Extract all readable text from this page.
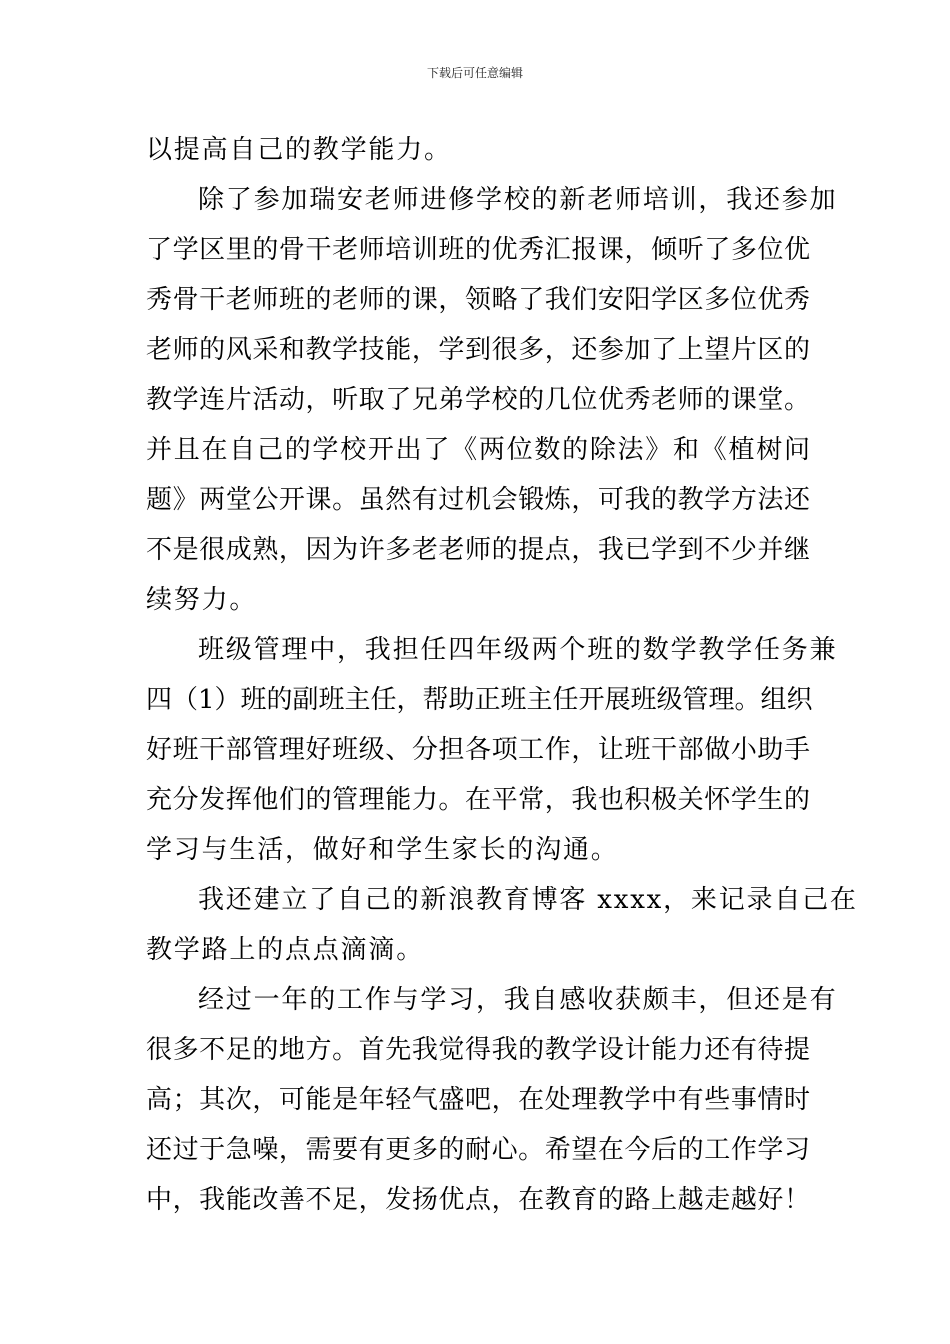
下载后可任意编辑
以提高自己的教学能力。
除了参加瑞安老师进修学校的新老师培训，我还参加
了学区里的骨干老师培训班的优秀汇报课，倾听了多位优
秀骨干老师班的老师的课，领略了我们安阳学区多位优秀
老师的风采和教学技能，学到很多，还参加了上望片区的
教学连片活动，听取了兄弟学校的几位优秀老师的课堂。
并且在自己的学校开出了《两位数的除法》和《植树问
题》两堂公开课。虽然有过机会锻炼，可我的教学方法还
不是很成熟，因为许多老老师的提点，我已学到不少并继
续努力。
班级管理中，我担任四年级两个班的数学教学任务兼
四（1）班的副班主任，帮助正班主任开展班级管理。组织
好班干部管理好班级、分担各项工作，让班干部做小助手
充分发挥他们的管理能力。在平常，我也积极关怀学生的
学习与生活，做好和学生家长的沟通。
我还建立了自己的新浪教育博客 xxxx，来记录自己在
教学路上的点点滴滴。
经过一年的工作与学习，我自感收获颇丰，但还是有
很多不足的地方。首先我觉得我的教学设计能力还有待提
高；其次，可能是年轻气盛吧，在处理教学中有些事情时
还过于急噪，需要有更多的耐心。希望在今后的工作学习
中，我能改善不足，发扬优点，在教育的路上越走越好！
